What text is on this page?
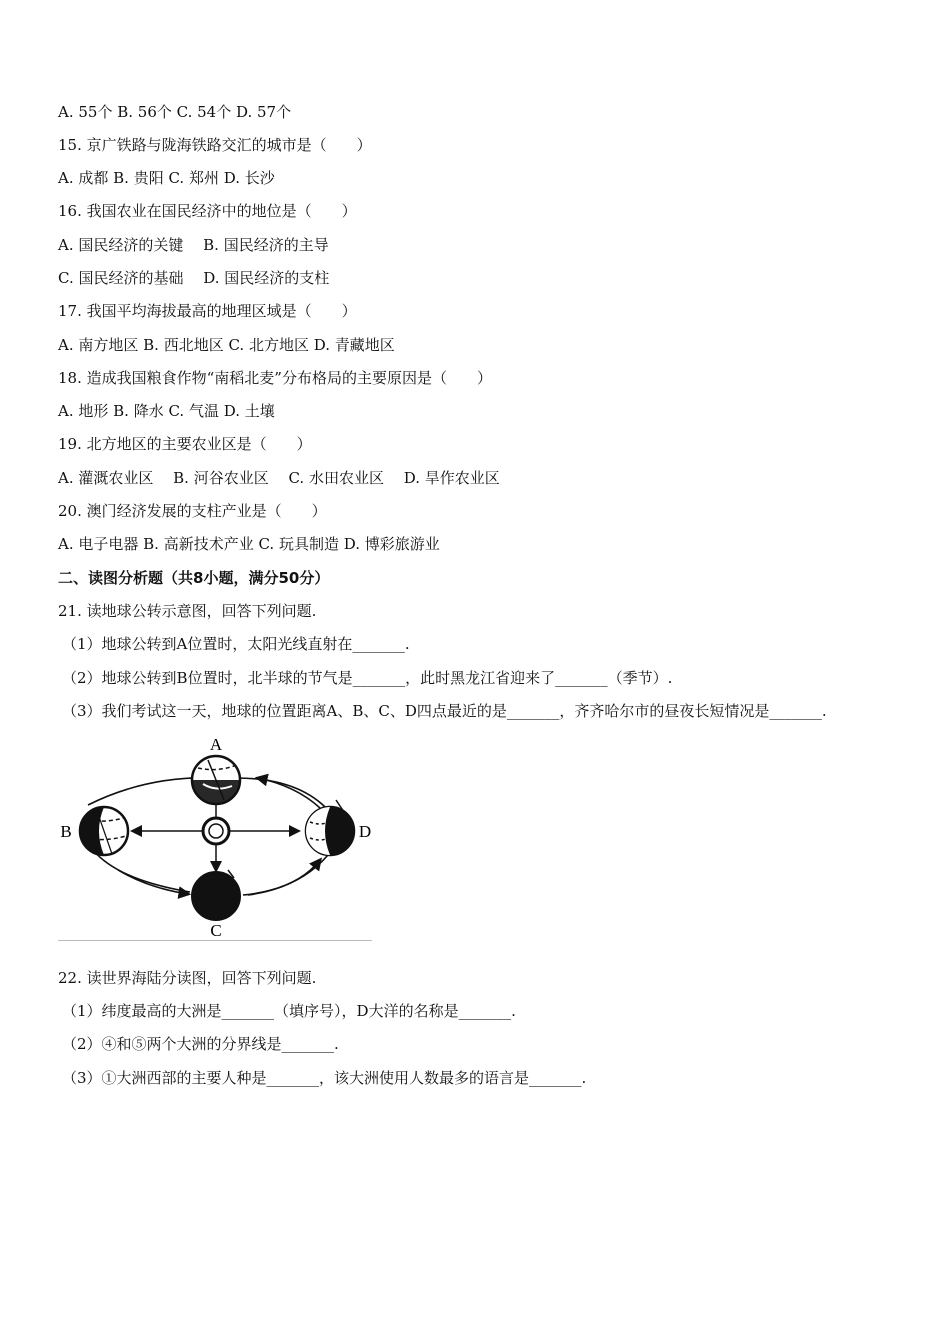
A. 55个 B. 56个 C. 54个 D. 57个
15. 京广铁路与陇海铁路交汇的城市是（　　）
A. 成都 B. 贵阳 C. 郑州 D. 长沙
16. 我国农业在国民经济中的地位是（　　）
A. 国民经济的关键　 B. 国民经济的主导
C. 国民经济的基础　 D. 国民经济的支柱
17. 我国平均海拔最高的地理区域是（　　）
A. 南方地区 B. 西北地区 C. 北方地区 D. 青藏地区
18. 造成我国粮食作物“南稻北麦”分布格局的主要原因是（　　）
A. 地形 B. 降水 C. 气温 D. 土壤
19. 北方地区的主要农业区是（　　）
A. 灌溉农业区　 B. 河谷农业区　 C. 水田农业区　 D. 旱作农业区
20. 澳门经济发展的支柱产业是（　　）
A. 电子电器 B. 高新技术产业 C. 玩具制造 D. 博彩旅游业
二、读图分析题（共8小题，满分50分）
21. 读地球公转示意图，回答下列问题.
（1）地球公转到A位置时，太阳光线直射在_______.
（2）地球公转到B位置时，北半球的节气是_______，此时黑龙江省迎来了_______（季节）.
（3）我们考试这一天，地球的位置距离A、B、C、D四点最近的是_______，齐齐哈尔市的昼夜长短情况是_______.
A
B	D
C
22. 读世界海陆分读图，回答下列问题.
（1）纬度最高的大洲是_______（填序号），D大洋的名称是_______.
（2）④和⑤两个大洲的分界线是_______.
（3）①大洲西部的主要人种是_______，该大洲使用人数最多的语言是_______.
